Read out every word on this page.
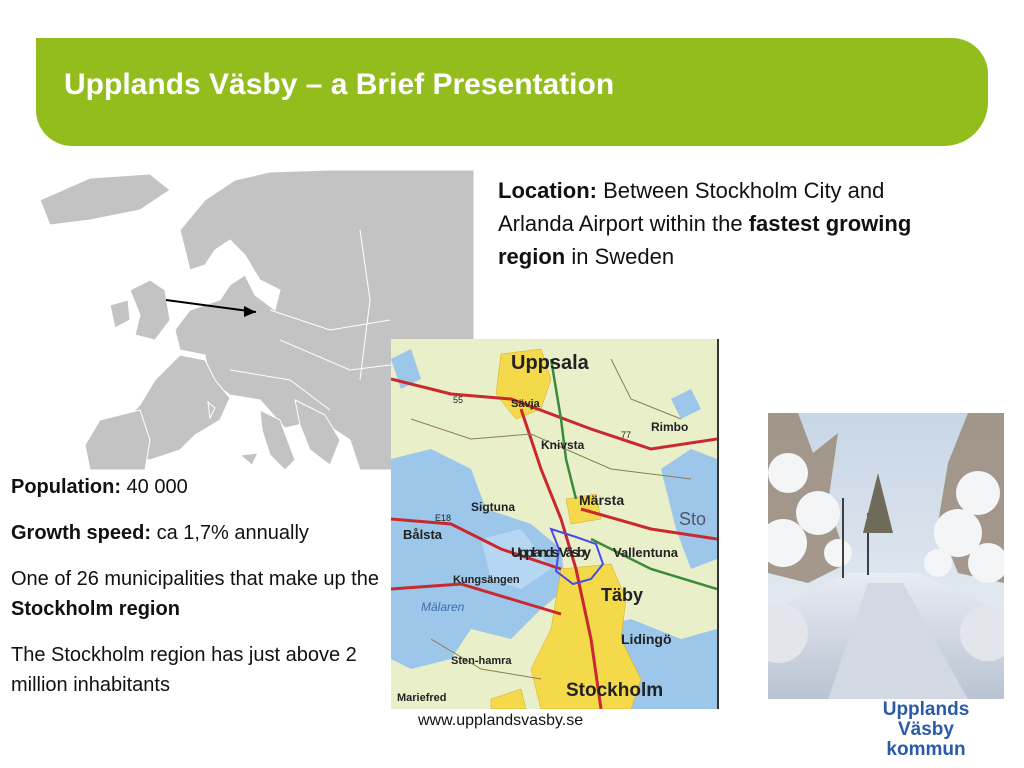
Upplands Väsby – a Brief Presentation
Location: Between Stockholm City and Arlanda Airport within the fastest growing region in Sweden

Population: 40 000

Growth speed: ca 1,7% annually

One of 26 municipalities that make up the Stockholm region

The Stockholm region has just above 2 million inhabitants

Uppsala
Sävja
Knivsta
Märsta
Sigtuna
Bålsta
Upplands Väsby Vallentuna
Kungsängen
Täby
Mälaren
Lidingö
Stockholm
Sto
Rimbo
Sten-hamra
Mariefred
55
77
E18
www.upplandsvasby.se
Upplands Väsby
kommun
